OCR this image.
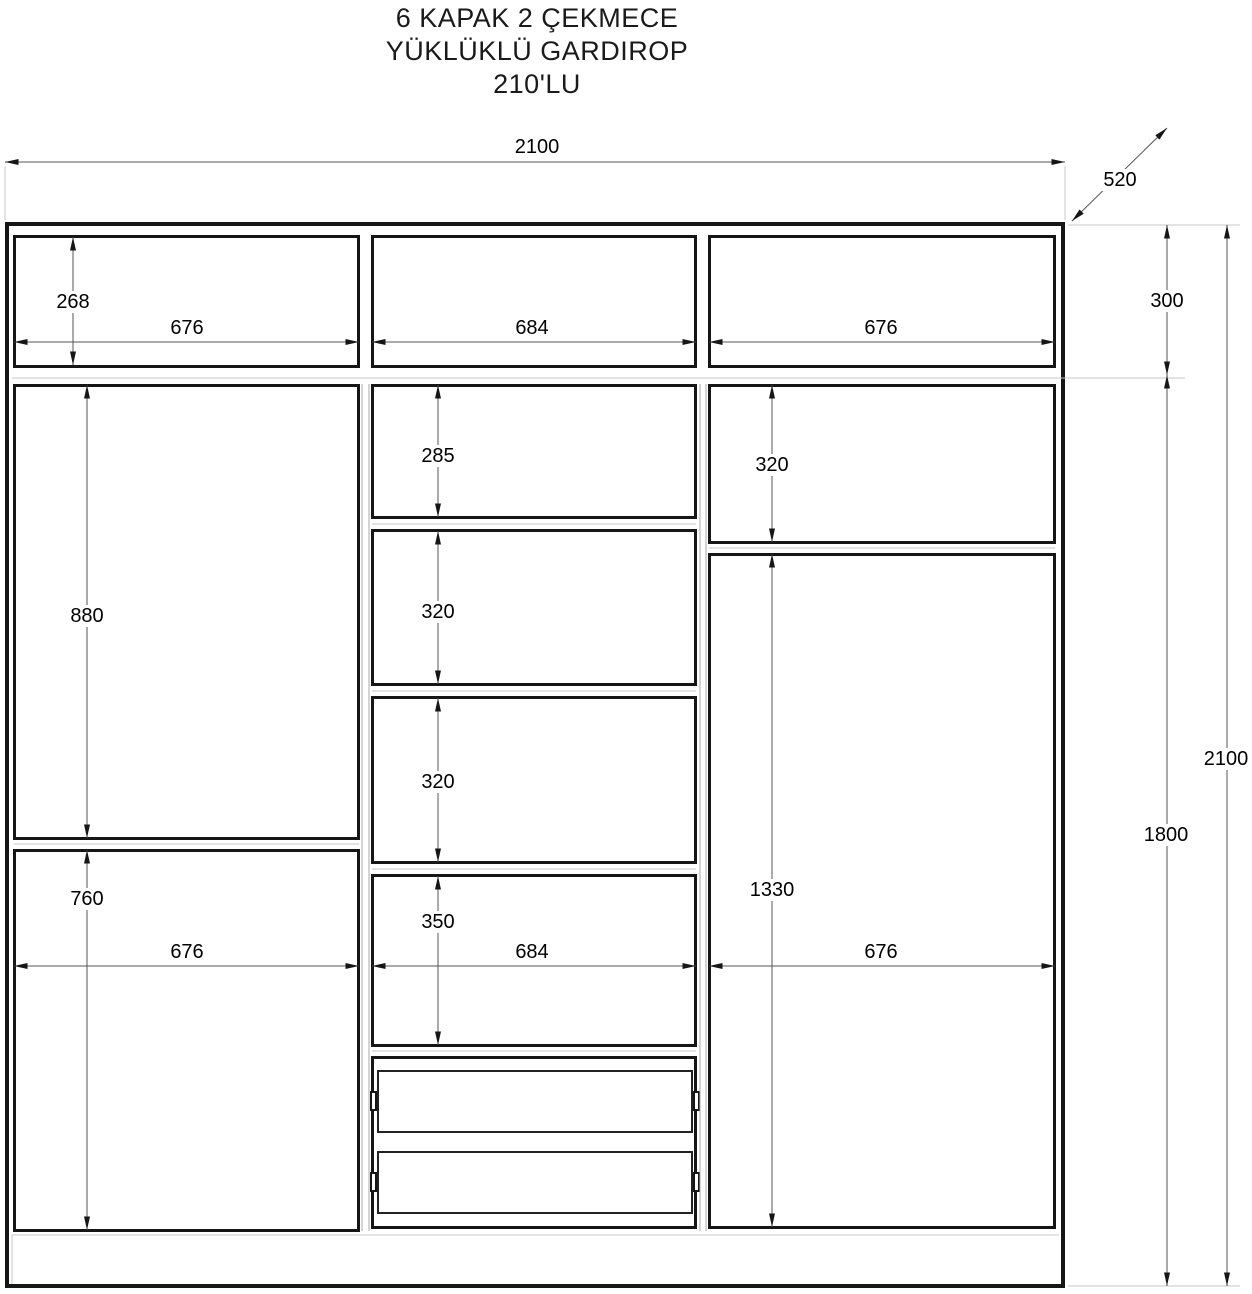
6 KAPAK 2 ÇEKMECE
YÜKLÜKLÜ GARDIROP
210'LU
2100
520
300
2100
1800
268
676	684	676
880
760
676
285
320
320
350
684
320
1330
676
